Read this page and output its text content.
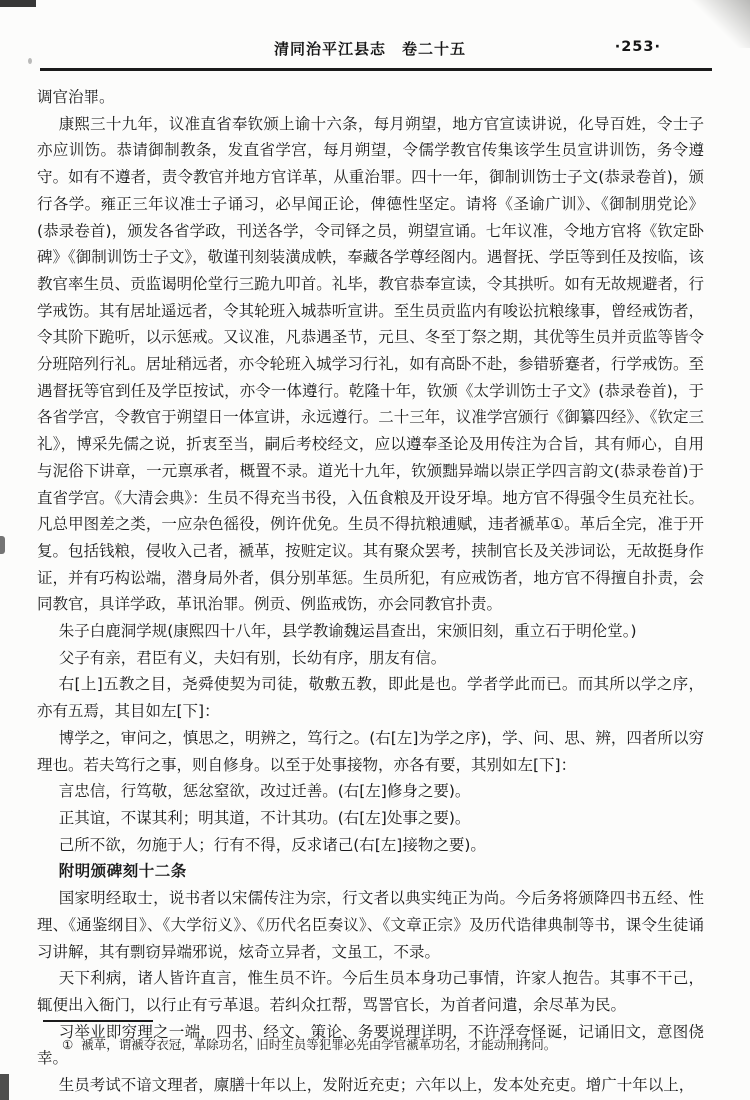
清同治平江县志　卷二十五	·253·

调官治罪。

康熙三十九年，议准直省奉钦颁上谕十六条，每月朔望，地方官宣读讲说，化导百姓，令士子亦应训饬。恭请御制教条，发直省学宫，每月朔望，令儒学教官传集该学生员宣讲训饬，务令遵守。如有不遵者，责令教官并地方官详革，从重治罪。四十一年，御制训饬士子文(恭录卷首)，颁行各学。雍正三年议准士子诵习，必早闻正论，俾德性坚定。请将《圣谕广训》、《御制朋党论》(恭录卷首)，颁发各省学政，刊送各学，令司铎之员，朔望宣诵。七年议准，令地方官将《钦定卧碑》《御制训饬士子文》，敬谨刊刻装潢成帙，奉藏各学尊经阁内。遇督抚、学臣等到任及按临，该教官率生员、贡监谒明伦堂行三跪九叩首。礼毕，教官恭奉宣读，令其拱听。如有无故规避者，行学戒饬。其有居址遥远者，令其轮班入城恭听宣讲。至生员贡监内有唆讼抗粮缘事，曾经戒饬者，令其阶下跪听，以示惩戒。又议准，凡恭遇圣节，元旦、冬至丁祭之期，其优等生员并贡监等皆令分班陪列行礼。居址稍远者，亦令轮班入城学习行礼，如有高卧不赴，参错骄蹇者，行学戒饬。至遇督抚等官到任及学臣按试，亦令一体遵行。乾隆十年，钦颁《太学训饬士子文》(恭录卷首)，于各省学宫，令教官于朔望日一体宣讲，永远遵行。二十三年，议准学宫颁行《御纂四经》、《钦定三礼》，博采先儒之说，折衷至当，嗣后考校经文，应以遵奉圣论及用传注为合旨，其有师心，自用与泥俗下讲章，一元禀承者，概置不录。道光十九年，钦颁黜异端以崇正学四言韵文(恭录卷首)于直省学宫。《大清会典》：生员不得充当书役，入伍食粮及开设牙埠。地方官不得强令生员充社长。凡总甲图差之类，一应杂色徭役，例许优免。生员不得抗粮逋赋，违者褫革①。革后全完，准于开复。包括钱粮，侵收入己者，褫革，按赃定议。其有聚众罢考，挟制官长及关涉词讼，无故挺身作证，并有巧构讼端，潜身局外者，俱分别革惩。生员所犯，有应戒饬者，地方官不得擅自扑责，会同教官，具详学政，革讯治罪。例贡、例监戒饬，亦会同教官扑责。

朱子白鹿洞学规(康熙四十八年，县学教谕魏运昌查出，宋颁旧刻，重立石于明伦堂。)

父子有亲，君臣有义，夫妇有别，长幼有序，朋友有信。

右[上]五教之目，尧舜使契为司徒，敬敷五教，即此是也。学者学此而已。而其所以学之序，亦有五焉，其目如左[下]：

博学之，审问之，慎思之，明辨之，笃行之。(右[左]为学之序)，学、问、思、辨，四者所以穷理也。若夫笃行之事，则自修身。以至于处事接物，亦各有要，其别如左[下]：

言忠信，行笃敬，惩忿窒欲，改过迁善。(右[左]修身之要)。

正其谊，不谋其利；明其道，不计其功。(右[左]处事之要)。

己所不欲，勿施于人；行有不得，反求诸己(右[左]接物之要)。

附明颁碑刻十二条

国家明经取士，说书者以宋儒传注为宗，行文者以典实纯正为尚。今后务将颁降四书五经、性理、《通鉴纲目》、《大学衍义》、《历代名臣奏议》、《文章正宗》及历代诰律典制等书，课令生徒诵习讲解，其有剽窃异端邪说，炫奇立异者，文虽工，不录。

天下利病，诸人皆许直言，惟生员不许。今后生员本身功己事情，许家人抱告。其事不干己，辄便出入衙门，以行止有亏革退。若纠众扛帮，骂詈官长，为首者问遣，余尽革为民。

习举业即穷理之一端，四书、经文、策论、务要说理详明，不许浮夸怪诞，记诵旧文，意图侥幸。

生员考试不谙文理者，廪膳十年以上，发附近充吏；六年以上，发本处充吏。增广十年以上，

① 褫革，谓褫夺衣冠，革除功名，旧时生员等犯罪必先由学官褫革功名，才能动刑拷问。
